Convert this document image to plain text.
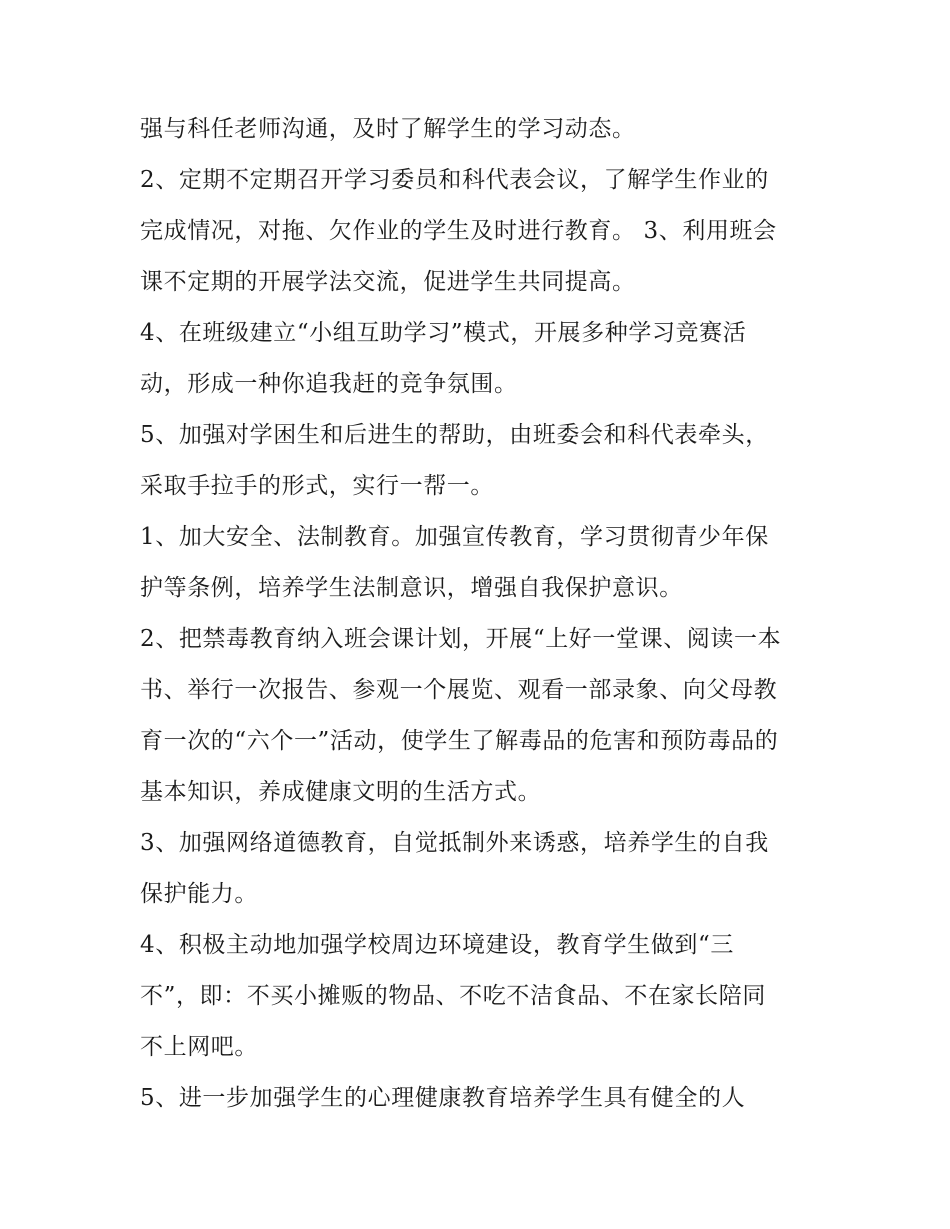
强与科任老师沟通，及时了解学生的学习动态。
2、定期不定期召开学习委员和科代表会议，了解学生作业的
完成情况，对拖、欠作业的学生及时进行教育。 3、利用班会
课不定期的开展学法交流，促进学生共同提高。
4、在班级建立“小组互助学习”模式，开展多种学习竞赛活
动，形成一种你追我赶的竞争氛围。
5、加强对学困生和后进生的帮助，由班委会和科代表牵头，
采取手拉手的形式，实行一帮一。
1、加大安全、法制教育。加强宣传教育，学习贯彻青少年保
护等条例，培养学生法制意识，增强自我保护意识。
2、把禁毒教育纳入班会课计划，开展“上好一堂课、阅读一本
书、举行一次报告、参观一个展览、观看一部录象、向父母教
育一次的“六个一”活动，使学生了解毒品的危害和预防毒品的
基本知识，养成健康文明的生活方式。
3、加强网络道德教育，自觉抵制外来诱惑，培养学生的自我
保护能力。
4、积极主动地加强学校周边环境建设，教育学生做到“三
不”，即：不买小摊贩的物品、不吃不洁食品、不在家长陪同
不上网吧。
5、进一步加强学生的心理健康教育培养学生具有健全的人
